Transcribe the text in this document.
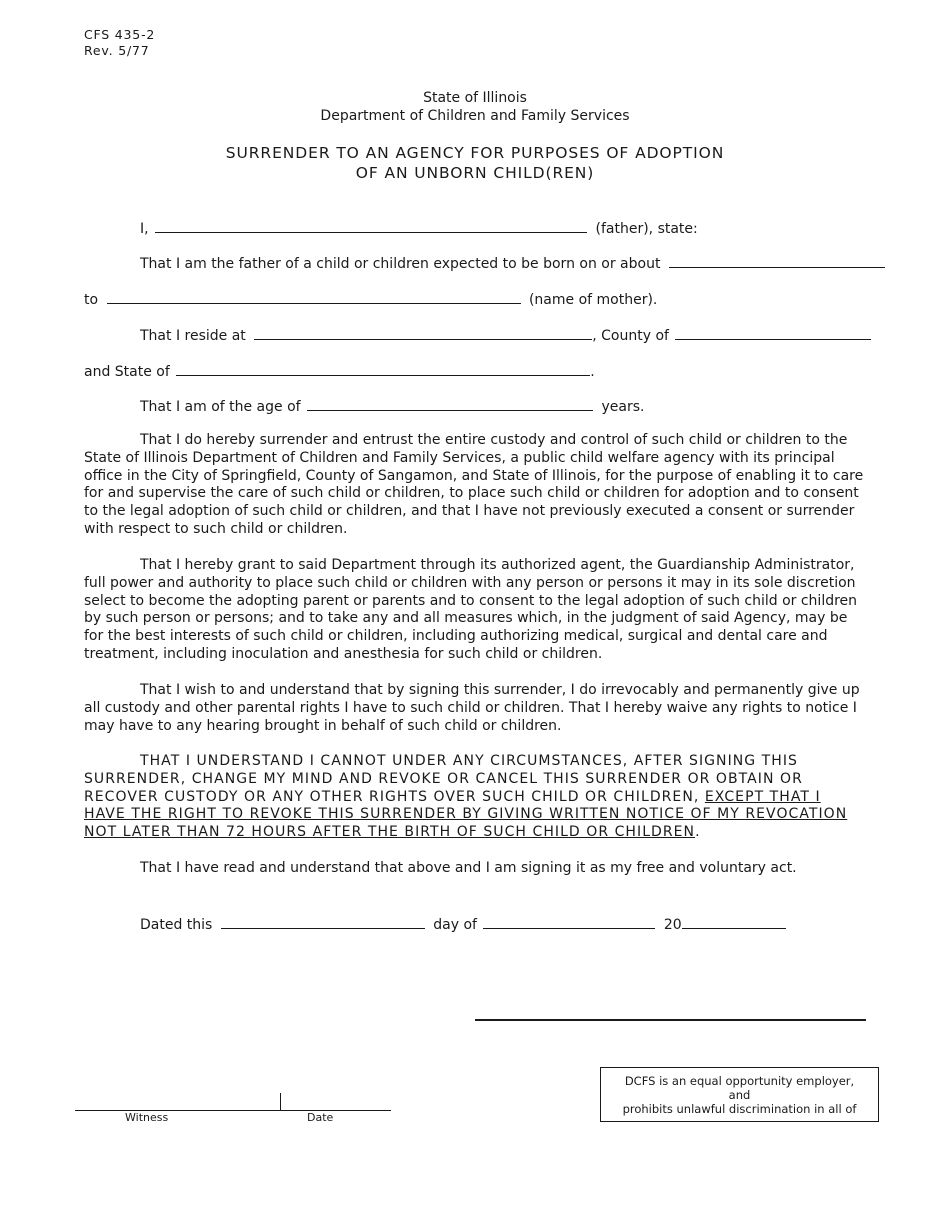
CFS 435-2
Rev. 5/77
State of Illinois
Department of Children and Family Services
SURRENDER TO AN AGENCY FOR PURPOSES OF ADOPTION
OF AN UNBORN CHILD(REN)
I,	(father), state:
That I am the father of a child or children expected to be born on or about
to	(name of mother).
That I reside at	, County of
and State of	.
That I am of the age of	years.

That I do hereby surrender and entrust the entire custody and control of such child or children to the State of Illinois Department of Children and Family Services, a public child welfare agency with its principal office in the City of Springfield, County of Sangamon, and State of Illinois, for the purpose of enabling it to care for and supervise the care of such child or children, to place such child or children for adoption and to consent to the legal adoption of such child or children, and that I have not previously executed a consent or surrender with respect to such child or children.

That I hereby grant to said Department through its authorized agent, the Guardianship Administrator, full power and authority to place such child or children with any person or persons it may in its sole discretion select to become the adopting parent or parents and to consent to the legal adoption of such child or children by such person or persons; and to take any and all measures which, in the judgment of said Agency, may be for the best interests of such child or children, including authorizing medical, surgical and dental care and treatment, including inoculation and anesthesia for such child or children.

That I wish to and understand that by signing this surrender, I do irrevocably and permanently give up all custody and other parental rights I have to such child or children. That I hereby waive any rights to notice I may have to any hearing brought in behalf of such child or children.

THAT I UNDERSTAND I CANNOT UNDER ANY CIRCUMSTANCES, AFTER SIGNING THIS SURRENDER, CHANGE MY MIND AND REVOKE OR CANCEL THIS SURRENDER OR OBTAIN OR RECOVER CUSTODY OR ANY OTHER RIGHTS OVER SUCH CHILD OR CHILDREN, EXCEPT THAT I HAVE THE RIGHT TO REVOKE THIS SURRENDER BY GIVING WRITTEN NOTICE OF MY REVOCATION NOT LATER THAN 72 HOURS AFTER THE BIRTH OF SUCH CHILD OR CHILDREN.

That I have read and understand that above and I am signing it as my free and voluntary act.

Dated this	day of	20
Witness	Date
DCFS is an equal opportunity employer,
and
prohibits unlawful discrimination in all of
